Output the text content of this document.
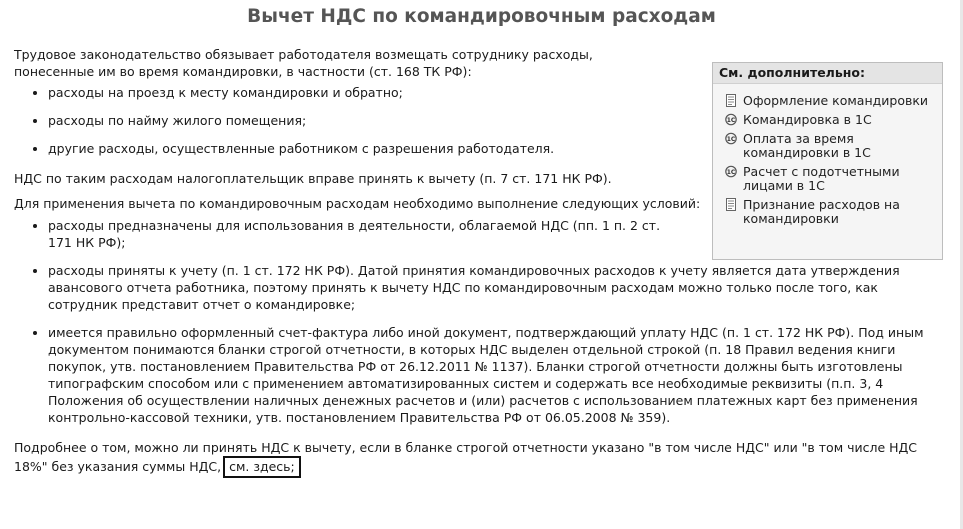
Вычет НДС по командировочным расходам

Трудовое законодательство обязывает работодателя возмещать сотруднику расходы, понесенные им во время командировки, в частности (ст. 168 ТК РФ):

расходы на проезд к месту командировки и обратно;
расходы по найму жилого помещения;
другие расходы, осуществленные работником с разрешения работодателя.

НДС по таким расходам налогоплательщик вправе принять к вычету (п. 7 ст. 171 НК РФ).

Для применения вычета по командировочным расходам необходимо выполнение следующих условий:

расходы предназначены для использования в деятельности, облагаемой НДС (пп. 1 п. 2 ст. 171 НК РФ);
расходы приняты к учету (п. 1 ст. 172 НК РФ). Датой принятия командировочных расходов к учету является дата утверждения авансового отчета работника, поэтому принять к вычету НДС по командировочным расходам можно только после того, как сотрудник представит отчет о командировке;
имеется правильно оформленный счет-фактура либо иной документ, подтверждающий уплату НДС (п. 1 ст. 172 НК РФ). Под иным документом понимаются бланки строгой отчетности, в которых НДС выделен отдельной строкой (п. 18 Правил ведения книги покупок, утв. постановлением Правительства РФ от 26.12.2011 № 1137). Бланки строгой отчетности должны быть изготовлены типографским способом или с применением автоматизированных систем и содержать все необходимые реквизиты (п.п. 3, 4 Положения об осуществлении наличных денежных расчетов и (или) расчетов с использованием платежных карт без применения контрольно-кассовой техники, утв. постановлением Правительства РФ от 06.05.2008 № 359).

Подробнее о том, можно ли принять НДС к вычету, если в бланке строгой отчетности указано "в том числе НДС" или "в том числе НДС 18%" без указания суммы НДС, см. здесь;

См. дополнительно:
Оформление командировки
1С Командировка в 1С
1С Оплата за время командировки в 1С
1С Расчет с подотчетными лицами в 1С
Признание расходов на командировки
